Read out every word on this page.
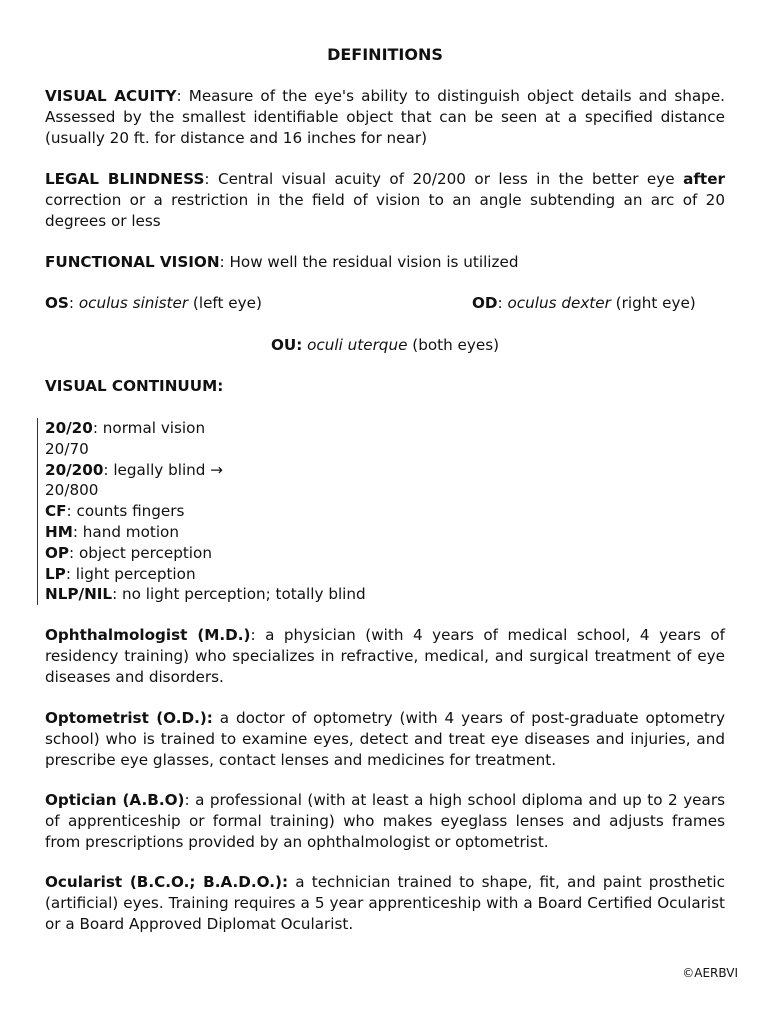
DEFINITIONS
VISUAL ACUITY: Measure of the eye's ability to distinguish object details and shape. Assessed by the smallest identifiable object that can be seen at a specified distance (usually 20 ft. for distance and 16 inches for near)
LEGAL BLINDNESS: Central visual acuity of 20/200 or less in the better eye after correction or a restriction in the field of vision to an angle subtending an arc of 20 degrees or less
FUNCTIONAL VISION: How well the residual vision is utilized
OS: oculus sinister (left eye)	OD: oculus dexter (right eye)
OU: oculi uterque (both eyes)
VISUAL CONTINUUM:
20/20: normal vision
20/70
20/200: legally blind →
20/800
CF: counts fingers
HM: hand motion
OP: object perception
LP: light perception
NLP/NIL: no light perception; totally blind
Ophthalmologist (M.D.): a physician (with 4 years of medical school, 4 years of residency training) who specializes in refractive, medical, and surgical treatment of eye diseases and disorders.
Optometrist (O.D.): a doctor of optometry (with 4 years of post-graduate optometry school) who is trained to examine eyes, detect and treat eye diseases and injuries, and prescribe eye glasses, contact lenses and medicines for treatment.
Optician (A.B.O): a professional (with at least a high school diploma and up to 2 years of apprenticeship or formal training) who makes eyeglass lenses and adjusts frames from prescriptions provided by an ophthalmologist or optometrist.
Ocularist (B.C.O.; B.A.D.O.): a technician trained to shape, fit, and paint prosthetic (artificial) eyes. Training requires a 5 year apprenticeship with a Board Certified Ocularist or a Board Approved Diplomat Ocularist.
©AERBVI
